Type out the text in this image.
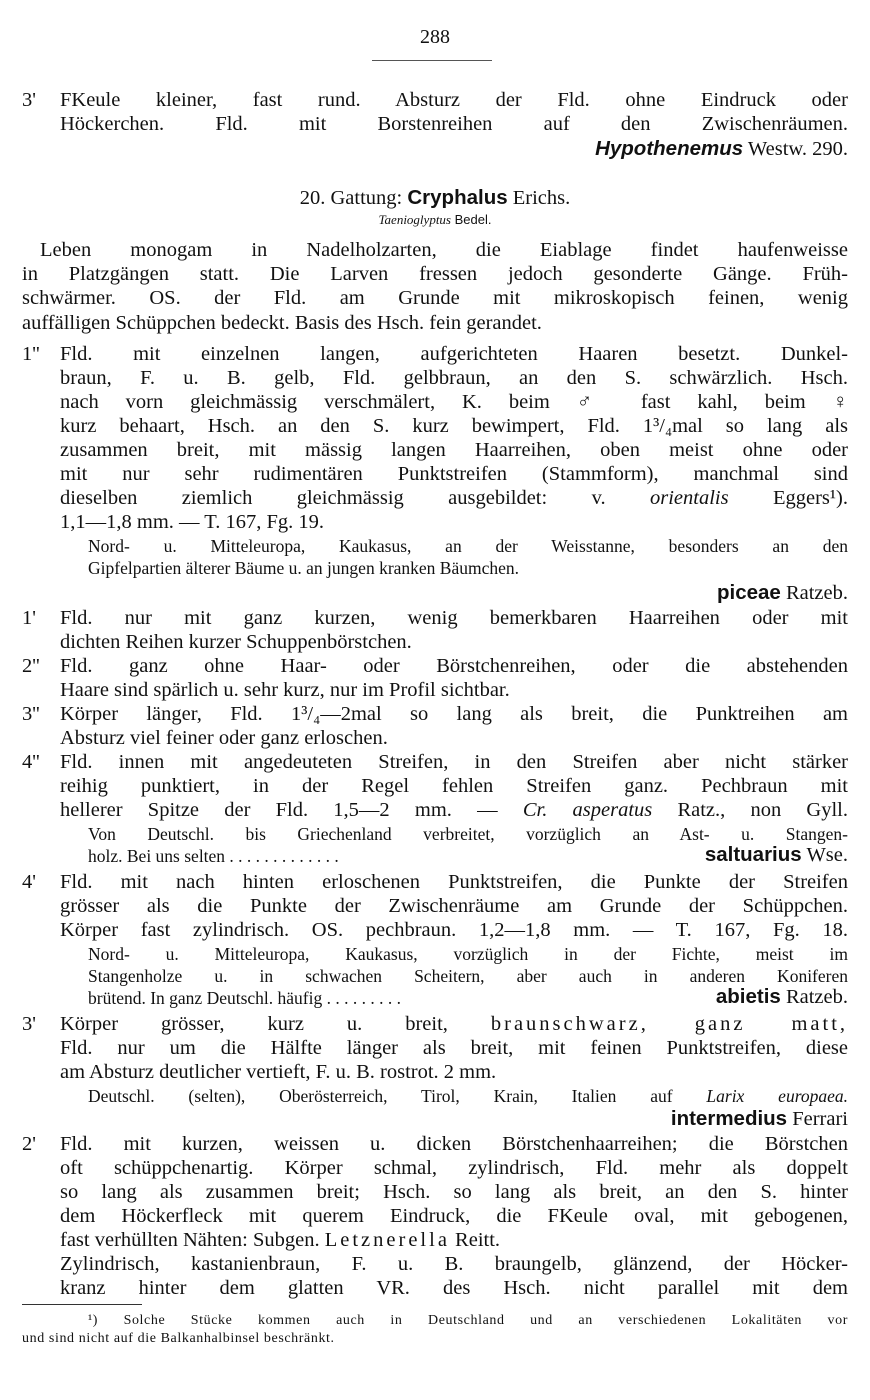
288
3' FKeule kleiner, fast rund. Absturz der Fld. ohne Eindruck oder
Höckerchen. Fld. mit Borstenreihen auf den Zwischenräumen.
Hypothenemus Westw. 290.
20. Gattung: Cryphalus Erichs.
Taenioglyptus Bedel.
Leben monogam in Nadelholzarten, die Eiablage findet haufenweisse
in Platzgängen statt. Die Larven fressen jedoch gesonderte Gänge. Früh-
schwärmer. OS. der Fld. am Grunde mit mikroskopisch feinen, wenig
auffälligen Schüppchen bedeckt. Basis des Hsch. fein gerandet.
1'' Fld. mit einzelnen langen, aufgerichteten Haaren besetzt. Dunkel-
braun, F. u. B. gelb, Fld. gelbbraun, an den S. schwärzlich. Hsch.
nach vorn gleichmässig verschmälert, K. beim ♂ fast kahl, beim ♀
kurz behaart, Hsch. an den S. kurz bewimpert, Fld. 1³/₄mal so lang als
zusammen breit, mit mässig langen Haarreihen, oben meist ohne oder
mit nur sehr rudimentären Punktstreifen (Stammform), manchmal sind
dieselben ziemlich gleichmässig ausgebildet: v. orientalis Eggers¹).
1,1—1,8 mm. — T. 167, Fg. 19.
Nord- u. Mitteleuropa, Kaukasus, an der Weisstanne, besonders an den
Gipfelpartien älterer Bäume u. an jungen kranken Bäumchen.
piceae Ratzeb.
1' Fld. nur mit ganz kurzen, wenig bemerkbaren Haarreihen oder mit
dichten Reihen kurzer Schuppenbörstchen.
2'' Fld. ganz ohne Haar- oder Börstchenreihen, oder die abstehenden
Haare sind spärlich u. sehr kurz, nur im Profil sichtbar.
3'' Körper länger, Fld. 1³/₄—2mal so lang als breit, die Punktreihen am
Absturz viel feiner oder ganz erloschen.
4'' Fld. innen mit angedeuteten Streifen, in den Streifen aber nicht stärker
reihig punktiert, in der Regel fehlen Streifen ganz. Pechbraun mit
hellerer Spitze der Fld. 1,5—2 mm. — Cr. asperatus Ratz., non Gyll.
Von Deutschl. bis Griechenland verbreitet, vorzüglich an Ast- u. Stangen-
holz. Bei uns selten . . . . . . . . . . . . .	saltuarius Wse.
4' Fld. mit nach hinten erloschenen Punktstreifen, die Punkte der Streifen
grösser als die Punkte der Zwischenräume am Grunde der Schüppchen.
Körper fast zylindrisch. OS. pechbraun. 1,2—1,8 mm. — T. 167, Fg. 18.
Nord- u. Mitteleuropa, Kaukasus, vorzüglich in der Fichte, meist im
Stangenholze u. in schwachen Scheitern, aber auch in anderen Koniferen
brütend. In ganz Deutschl. häufig . . . . . . . . .	abietis Ratzeb.
3' Körper grösser, kurz u. breit, braunschwarz, ganz matt,
Fld. nur um die Hälfte länger als breit, mit feinen Punktstreifen, diese
am Absturz deutlicher vertieft, F. u. B. rostrot. 2 mm.
Deutschl. (selten), Oberösterreich, Tirol, Krain, Italien auf Larix europaea.
intermedius Ferrari
2' Fld. mit kurzen, weissen u. dicken Börstchenhaarreihen; die Börstchen
oft schüppchenartig. Körper schmal, zylindrisch, Fld. mehr als doppelt
so lang als zusammen breit; Hsch. so lang als breit, an den S. hinter
dem Höckerfleck mit querem Eindruck, die FKeule oval, mit gebogenen,
fast verhüllten Nähten: Subgen. Letznerella Reitt.
Zylindrisch, kastanienbraun, F. u. B. braungelb, glänzend, der Höcker-
kranz hinter dem glatten VR. des Hsch. nicht parallel mit dem
¹) Solche Stücke kommen auch in Deutschland und an verschiedenen Lokalitäten vor
und sind nicht auf die Balkanhalbinsel beschränkt.
